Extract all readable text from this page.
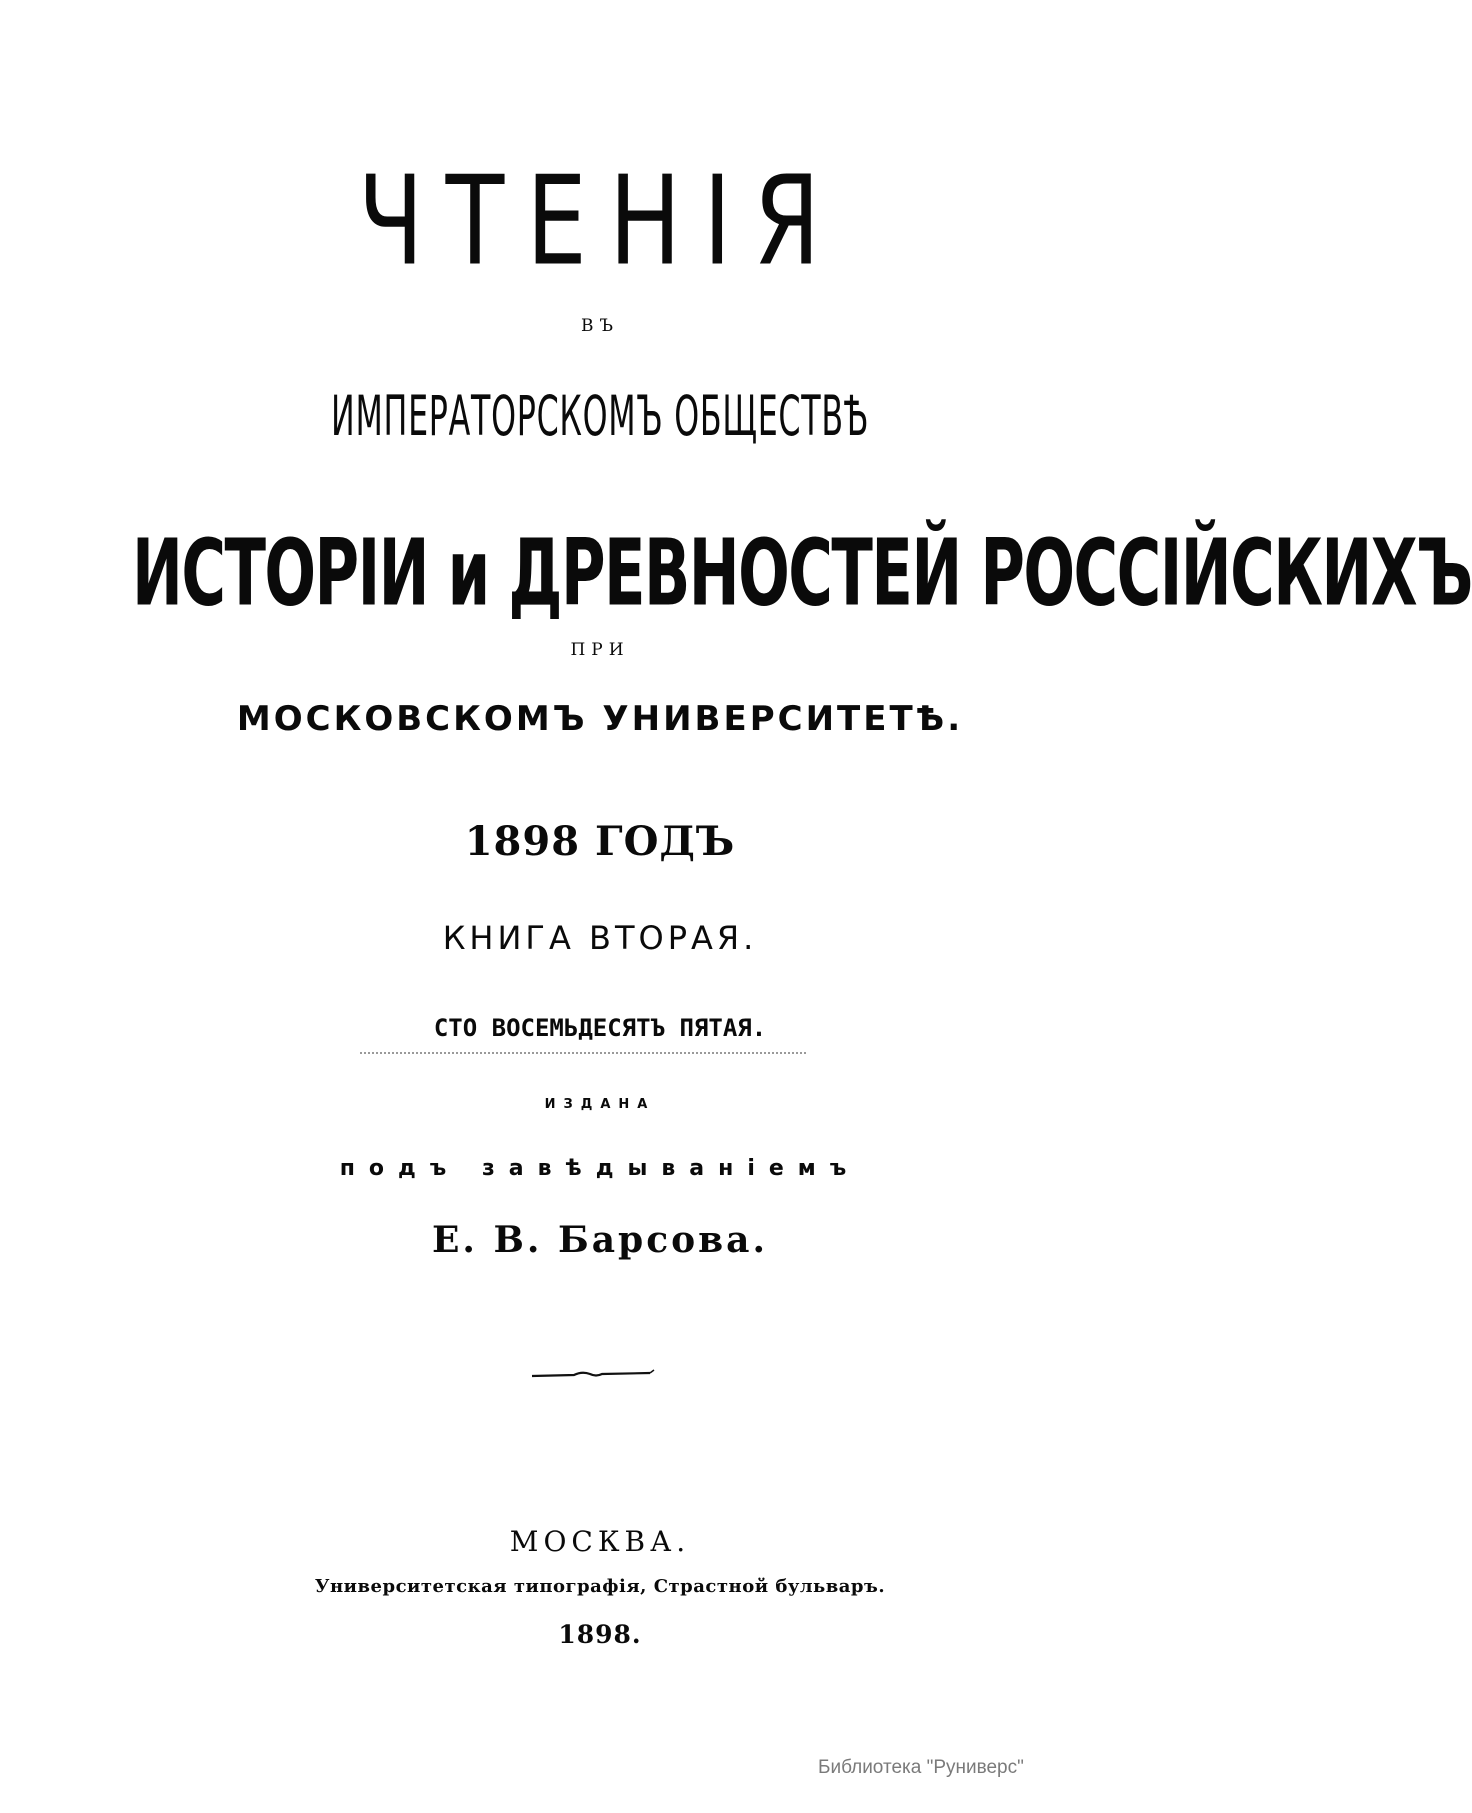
ЧТЕНІЯ
ВЪ
ИМПЕРАТОРСКОМЪ ОБЩЕСТВѢ
ИСТОРІИ и ДРЕВНОСТЕЙ РОССІЙСКИХЪ
ПРИ
МОСКОВСКОМЪ УНИВЕРСИТЕТѢ.
1898 ГОДЪ
КНИГА ВТОРАЯ.
СТО ВОСЕМЬДЕСЯТЪ ПЯТАЯ.
ИЗДАНА
подъ завѣдываніемъ
Е. В. Барсова.
МОСКВА.
Университетская типографія, Страстной бульваръ.
1898.
Библиотека "Руниверс"
